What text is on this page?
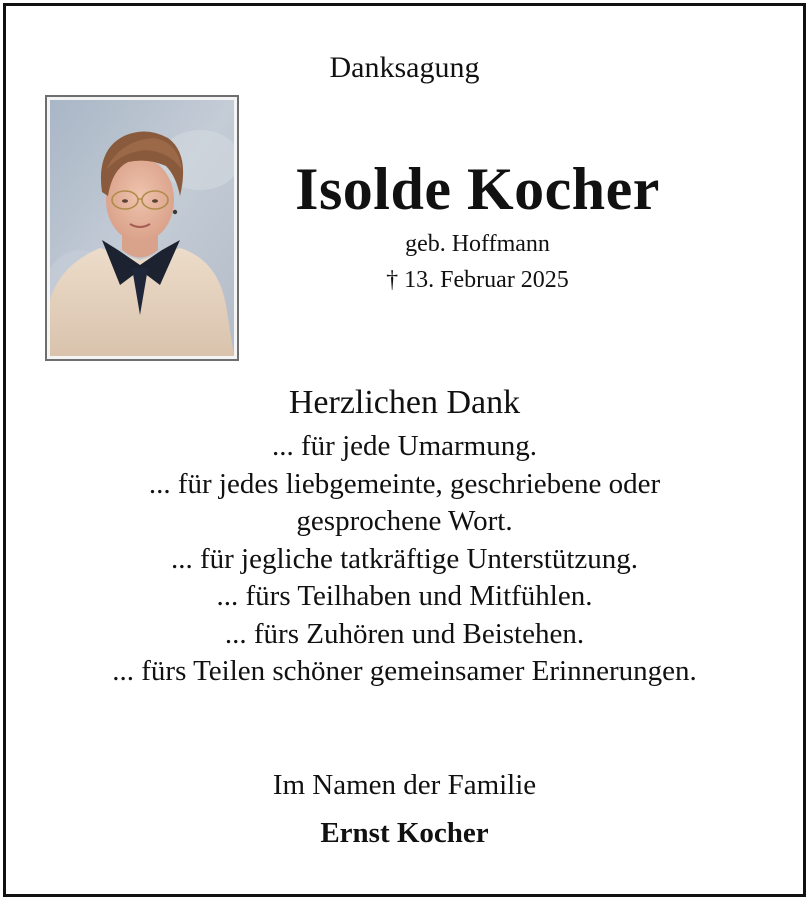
Danksagung
Isolde Kocher
geb. Hoffmann
† 13. Februar 2025
Herzlichen Dank
... für jede Umarmung.
... für jedes liebgemeinte, geschriebene oder
gesprochene Wort.
... für jegliche tatkräftige Unterstützung.
... fürs Teilhaben und Mitfühlen.
... fürs Zuhören und Beistehen.
... fürs Teilen schöner gemeinsamer Erinnerungen.
Im Namen der Familie
Ernst Kocher
